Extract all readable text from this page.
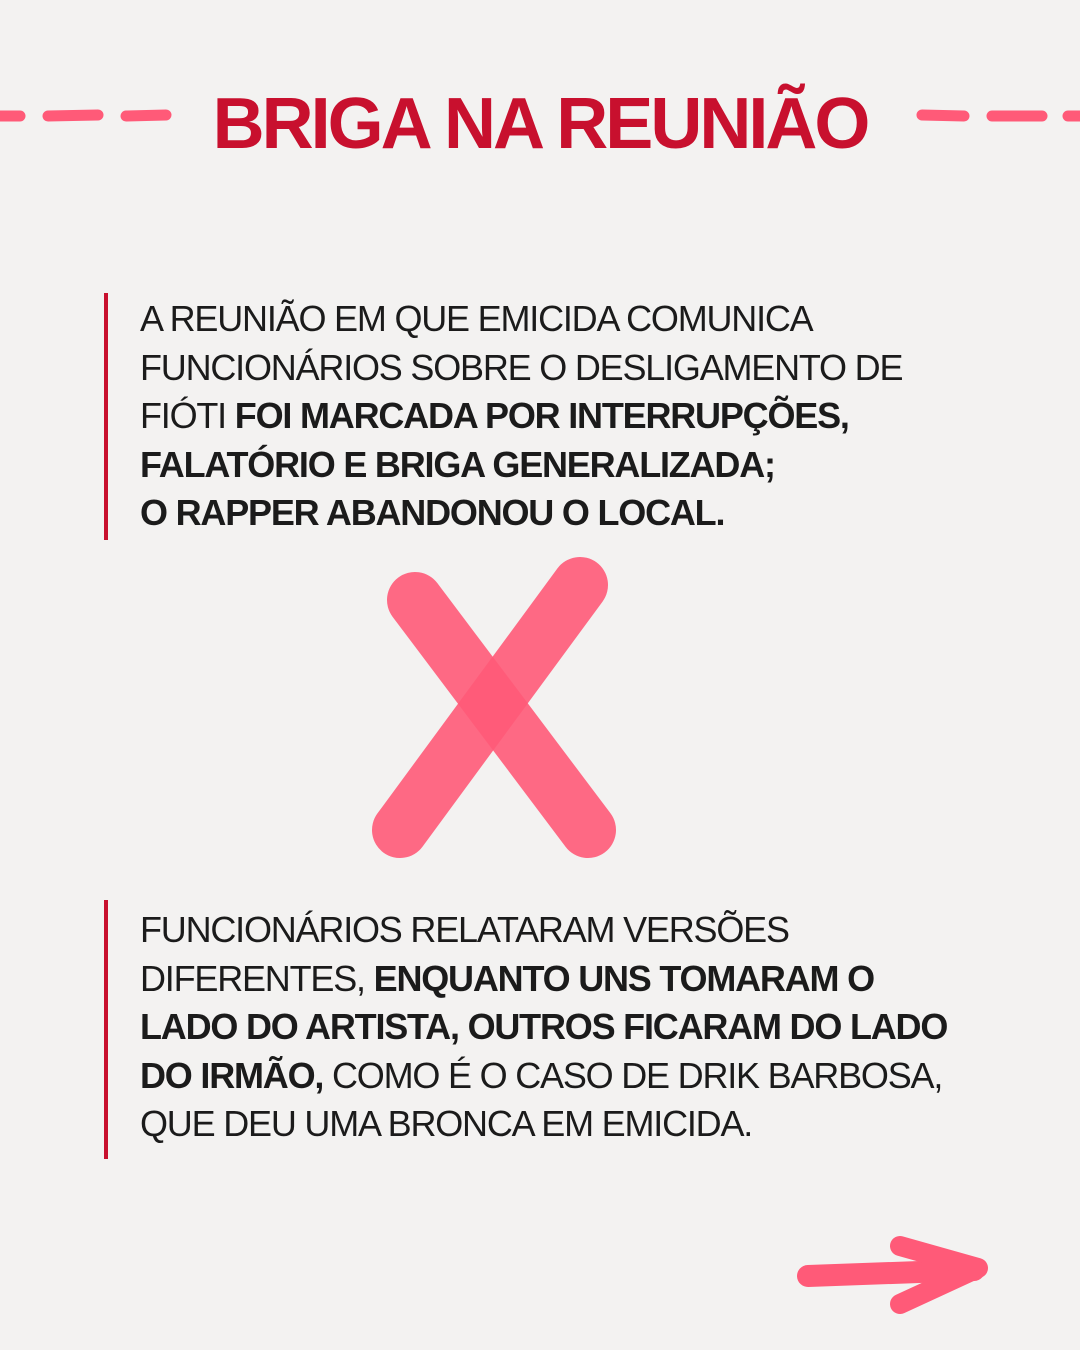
BRIGA NA REUNIÃO

A REUNIÃO EM QUE EMICIDA COMUNICA FUNCIONÁRIOS SOBRE O DESLIGAMENTO DE FIÓTI FOI MARCADA POR INTERRUPÇÕES, FALATÓRIO E BRIGA GENERALIZADA;
O RAPPER ABANDONOU O LOCAL.

FUNCIONÁRIOS RELATARAM VERSÕES DIFERENTES, ENQUANTO UNS TOMARAM O LADO DO ARTISTA, OUTROS FICARAM DO LADO DO IRMÃO, COMO É O CASO DE DRIK BARBOSA, QUE DEU UMA BRONCA EM EMICIDA.
